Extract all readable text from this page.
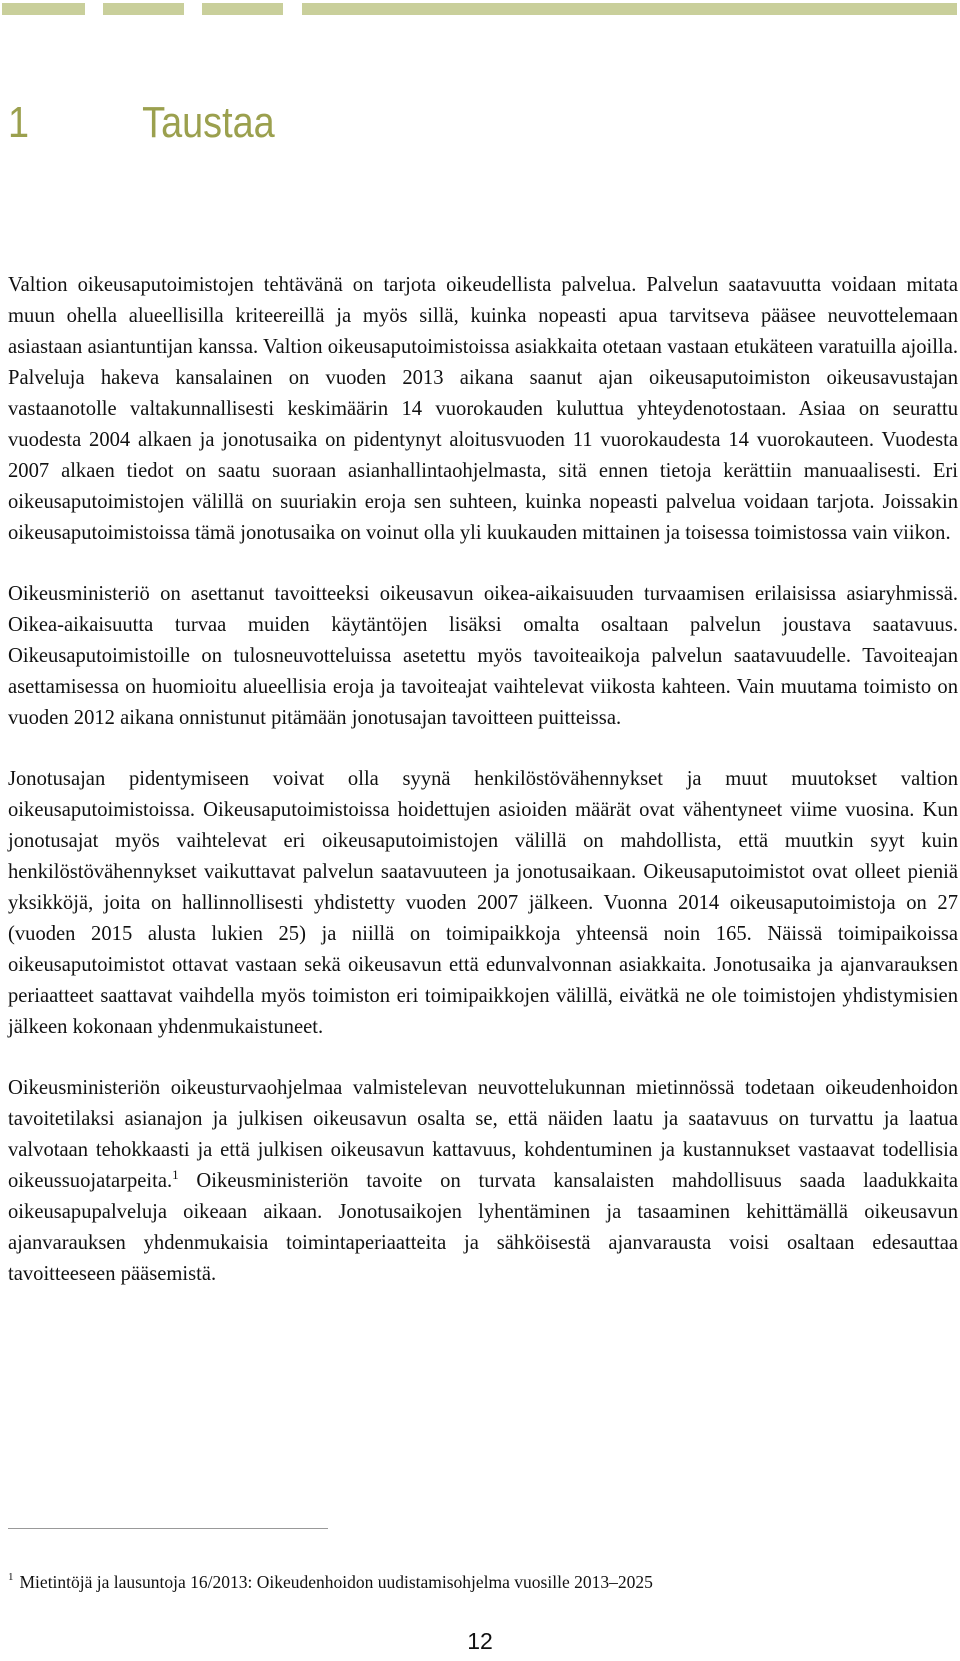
1	Taustaa

Valtion oikeusaputoimistojen tehtävänä on tarjota oikeudellista palvelua. Palvelun saatavuutta voidaan mitata muun ohella alueellisilla kriteereillä ja myös sillä, kuinka nopeasti apua tarvitseva pääsee neuvottelemaan asiastaan asiantuntijan kanssa. Valtion oikeusaputoimistoissa asiakkaita otetaan vastaan etukäteen varatuilla ajoilla. Palveluja hakeva kansalainen on vuoden 2013 aikana saanut ajan oikeusaputoimiston oikeusavustajan vastaanotolle valtakunnallisesti keskimäärin 14 vuorokauden kuluttua yhteydenotostaan. Asiaa on seurattu vuodesta 2004 alkaen ja jonotusaika on pidentynyt aloitusvuoden 11 vuorokaudesta 14 vuorokauteen. Vuodesta 2007 alkaen tiedot on saatu suoraan asianhallintaohjelmasta, sitä ennen tietoja kerättiin manuaalisesti. Eri oikeusaputoimistojen välillä on suuriakin eroja sen suhteen, kuinka nopeasti palvelua voidaan tarjota. Joissakin oikeusaputoimistoissa tämä jonotusaika on voinut olla yli kuukauden mittainen ja toisessa toimistossa vain viikon.

Oikeusministeriö on asettanut tavoitteeksi oikeusavun oikea-aikaisuuden turvaamisen erilaisissa asiaryhmissä. Oikea-aikaisuutta turvaa muiden käytäntöjen lisäksi omalta osaltaan palvelun joustava saatavuus. Oikeusaputoimistoille on tulosneuvotteluissa asetettu myös tavoiteaikoja palvelun saatavuudelle. Tavoiteajan asettamisessa on huomioitu alueellisia eroja ja tavoiteajat vaihtelevat viikosta kahteen. Vain muutama toimisto on vuoden 2012 aikana onnistunut pitämään jonotusajan tavoitteen puitteissa.

Jonotusajan pidentymiseen voivat olla syynä henkilöstövähennykset ja muut muutokset valtion oikeusaputoimistoissa. Oikeusaputoimistoissa hoidettujen asioiden määrät ovat vähentyneet viime vuosina. Kun jonotusajat myös vaihtelevat eri oikeusaputoimistojen välillä on mahdollista, että muutkin syyt kuin henkilöstövähennykset vaikuttavat palvelun saatavuuteen ja jonotusaikaan. Oikeusaputoimistot ovat olleet pieniä yksikköjä, joita on hallinnollisesti yhdistetty vuoden 2007 jälkeen. Vuonna 2014 oikeusaputoimistoja on 27 (vuoden 2015 alusta lukien 25) ja niillä on toimipaikkoja yhteensä noin 165. Näissä toimipaikoissa oikeusaputoimistot ottavat vastaan sekä oikeusavun että edunvalvonnan asiakkaita. Jonotusaika ja ajanvarauksen periaatteet saattavat vaihdella myös toimiston eri toimipaikkojen välillä, eivätkä ne ole toimistojen yhdistymisien jälkeen kokonaan yhdenmukaistuneet.

Oikeusministeriön oikeusturvaohjelmaa valmistelevan neuvottelukunnan mietinnössä todetaan oikeudenhoidon tavoitetilaksi asianajon ja julkisen oikeusavun osalta se, että näiden laatu ja saatavuus on turvattu ja laatua valvotaan tehokkaasti ja että julkisen oikeusavun kattavuus, kohdentuminen ja kustannukset vastaavat todellisia oikeussuojatarpeita.$^1$ Oikeusministeriön tavoite on turvata kansalaisten mahdollisuus saada laadukkaita oikeusapupalveluja oikeaan aikaan. Jonotusaikojen lyhentäminen ja tasaaminen kehittämällä oikeusavun ajanvarauksen yhdenmukaisia toimintaperiaatteita ja sähköisestä ajanvarausta voisi osaltaan edesauttaa tavoitteeseen pääsemistä.

$^1$ Mietintöjä ja lausuntoja 16/2013: Oikeudenhoidon uudistamisohjelma vuosille 2013–2025
12
